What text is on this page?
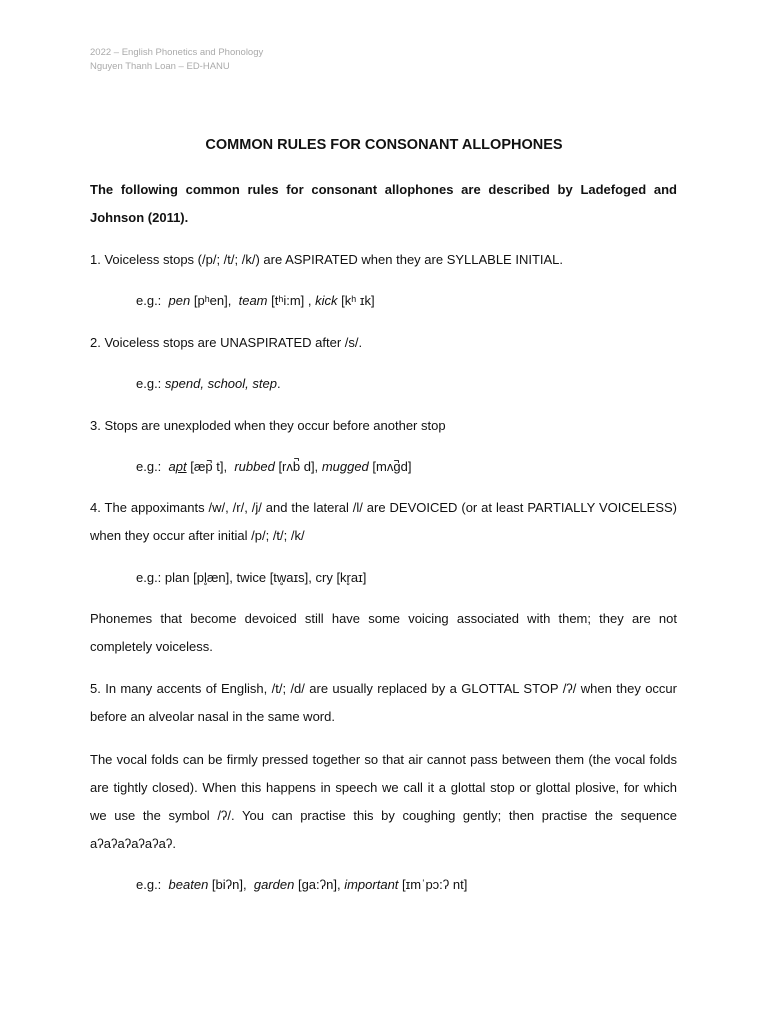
2022 – English Phonetics and Phonology
Nguyen Thanh Loan – ED-HANU
COMMON RULES FOR CONSONANT ALLOPHONES
The following common rules for consonant allophones are described by Ladefoged and Johnson (2011).
1. Voiceless stops (/p/; /t/; /k/) are ASPIRATED when they are SYLLABLE INITIAL.
e.g.: pen [pʰen], team [tʰi:m] , kick [kʰ ɪk]
2. Voiceless stops are UNASPIRATED after /s/.
e.g.: spend, school, step.
3. Stops are unexploded when they occur before another stop
e.g.: apt [æp̚ t], rubbed [rʌb̚ d], mugged [mʌg̚d]
4. The appoximants /w/, /r/, /j/ and the lateral /l/ are DEVOICED (or at least PARTIALLY VOICELESS) when they occur after initial /p/; /t/; /k/
e.g.: plan [pl̥æn], twice [tw̥aɪs], cry [kr̥aɪ]
Phonemes that become devoiced still have some voicing associated with them; they are not completely voiceless.
5. In many accents of English, /t/; /d/ are usually replaced by a GLOTTAL STOP /ʔ/ when they occur before an alveolar nasal in the same word.
The vocal folds can be firmly pressed together so that air cannot pass between them (the vocal folds are tightly closed). When this happens in speech we call it a glottal stop or glottal plosive, for which we use the symbol /ʔ/. You can practise this by coughing gently; then practise the sequence aʔaʔaʔaʔaʔaʔ.
e.g.: beaten [biʔn], garden [ga:ʔn], important [ɪmˈpɔ:ʔ nt]
